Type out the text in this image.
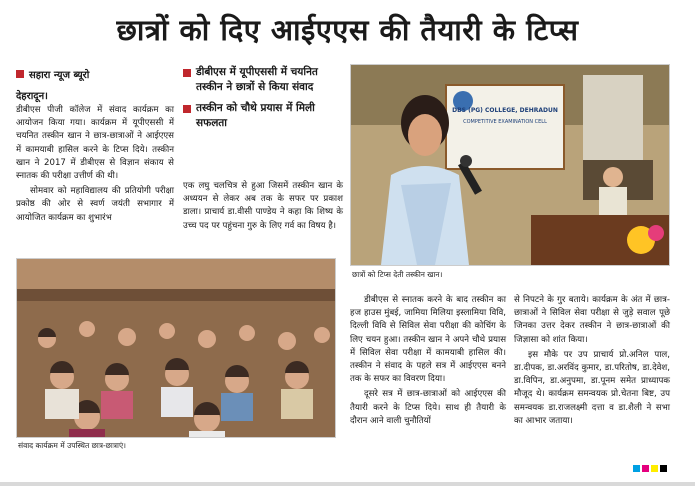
छात्रों को दिए आईएएस की तैयारी के टिप्स
सहारा न्यूज ब्यूरो
देहरादून।

डीबीएस पीजी कॉलेज में संवाद कार्यक्रम का आयोजन किया गया। कार्यक्रम में यूपीएससी में चयनित तस्कीन खान ने छात्र-छात्राओं ने आईएएस में कामयाबी हासिल करने के टिप्स दिये। तस्कीन खान ने 2017 में डीबीएस से विज्ञान संकाय से स्नातक की परीक्षा उत्तीर्ण की थी।

सोमवार को महाविद्यालय की प्रतियोगी परीक्षा प्रकोष्ठ की ओर से स्वर्ण जयंती सभागार में आयोजित कार्यक्रम का शुभारंभ

डीबीएस में यूपीएससी में चयनित तस्कीन ने छात्रों से किया संवाद
तस्कीन को चौथे प्रयास में मिली सफलता

एक लघु चलचित्र से हुआ जिसमें तस्कीन खान के अध्ययन से लेकर अब तक के सफर पर प्रकाश डाला। प्राचार्य डा.वीसी पाण्डेय ने कहा कि शिष्य के उच्च पद पर पहुंचना गुरु के लिए गर्व का विषय है।

DBS (PG) COLLEGE, DEHRADUN
COMPETITIVE EXAMINATION CELL
छात्रों को टिप्स देती तस्कीन खान।
संवाद कार्यक्रम में उपस्थित छात्र-छात्राएं।

डीबीएस से स्नातक करने के बाद तस्कीन का हज हाउस मुंबई, जामिया मिलिया इस्लामिया विवि, दिल्ली विवि से सिविल सेवा परीक्षा की कोचिंग के लिए चयन हुआ। तस्कीन खान ने अपने चौथे प्रयास में सिविल सेवा परीक्षा में कामयाबी हासिल की। तस्कीन ने संवाद के पहले सत्र में आईएएस बनने तक के सफर का विवरण दिया।

दूसरे सत्र में छात्र-छात्राओं को आईएएस की तैयारी करने के टिप्स दिये। साथ ही तैयारी के दौरान आने वाली चुनौतियों

से निपटने के गुर बताये। कार्यक्रम के अंत में छात्र-छात्राओं ने सिविल सेवा परीक्षा से जुड़े सवाल पूछे जिनका उत्तर देकर तस्कीन ने छात्र-छात्राओं की जिज्ञासा को शांत किया।

इस मौके पर उप प्राचार्य प्रो.अनिल पाल, डा.दीपक, डा.अरविंद कुमार, डा.परितोष, डा.देवेश, डा.विपिन, डा.अनुपमा, डा.पूनम समेत प्राध्यापक मौजूद थे। कार्यक्रम समन्वयक प्रो.चेतना बिष्ट, उप समन्वयक डा.राजलक्ष्मी दत्ता व डा.शैली ने सभा का आभार जताया।
